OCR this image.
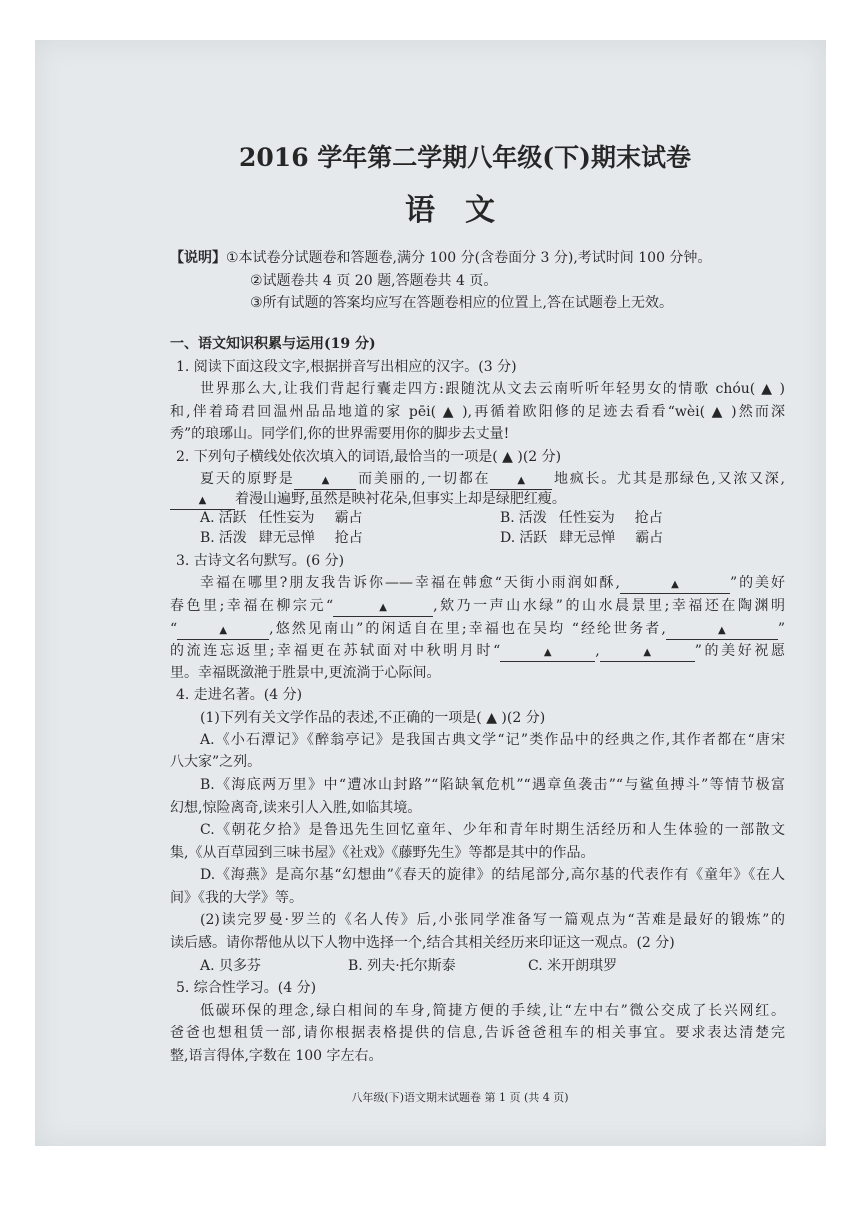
2016 学年第二学期八年级(下)期末试卷
语　文
【说明】①本试卷分试题卷和答题卷,满分 100 分(含卷面分 3 分),考试时间 100 分钟。
②试题卷共 4 页 20 题,答题卷共 4 页。
③所有试题的答案均应写在答题卷相应的位置上,答在试题卷上无效。
一、语文知识积累与运用(19 分)
1. 阅读下面这段文字,根据拼音写出相应的汉字。(3 分)
世界那么大,让我们背起行囊走四方:跟随沈从文去云南听听年轻男女的情歌 chóu( ▲ )
和,伴着琦君回温州品品地道的家 pēi( ▲ ),再循着欧阳修的足迹去看看“wèi( ▲ )然而深
秀”的琅琊山。同学们,你的世界需要用你的脚步去丈量!
2. 下列句子横线处依次填入的词语,最恰当的一项是( ▲ )(2 分)
夏天的原野是	▲ 而美丽的,一切都在	▲ 地疯长。尤其是那绿色,又浓又深,
▲ 着漫山遍野,虽然是映衬花朵,但事实上却是绿肥红瘦。
A. 活跃 任性妄为 霸占	B. 活泼 任性妄为 抢占
B. 活泼 肆无忌惮 抢占	D. 活跃 肆无忌惮 霸占
3. 古诗文名句默写。(6 分)
幸福在哪里?朋友我告诉你——幸福在韩愈“天街小雨润如酥,	▲	”的美好
春色里;幸福在柳宗元“	▲	,欸乃一声山水绿”的山水晨景里;幸福还在陶渊明
“	▲	,悠然见南山”的闲适自在里;幸福也在吴均 “经纶世务者,	▲	”
的流连忘返里;幸福更在苏轼面对中秋明月时“	▲	,	▲	”的美好祝愿
里。幸福既潋滟于胜景中,更流淌于心际间。
4. 走进名著。(4 分)
(1)下列有关文学作品的表述,不正确的一项是( ▲ )(2 分)
A.《小石潭记》《醉翁亭记》是我国古典文学“记”类作品中的经典之作,其作者都在“唐宋
八大家”之列。
B.《海底两万里》中“遭冰山封路”“陷缺氧危机”“遇章鱼袭击”“与鲨鱼搏斗”等情节极富
幻想,惊险离奇,读来引人入胜,如临其境。
C.《朝花夕拾》是鲁迅先生回忆童年、少年和青年时期生活经历和人生体验的一部散文
集,《从百草园到三味书屋》《社戏》《藤野先生》等都是其中的作品。
D.《海燕》是高尔基“幻想曲”《春天的旋律》的结尾部分,高尔基的代表作有《童年》《在人
间》《我的大学》等。
(2)读完罗曼·罗兰的《名人传》后,小张同学准备写一篇观点为“苦难是最好的锻炼”的
读后感。请你帮他从以下人物中选择一个,结合其相关经历来印证这一观点。(2 分)
A. 贝多芬	B. 列夫·托尔斯泰	C. 米开朗琪罗
5. 综合性学习。(4 分)
低碳环保的理念,绿白相间的车身,简捷方便的手续,让“左中右”微公交成了长兴网红。
爸爸也想租赁一部,请你根据表格提供的信息,告诉爸爸租车的相关事宜。要求表达清楚完
整,语言得体,字数在 100 字左右。
八年级(下)语文期末试题卷 第 1 页 (共 4 页)
